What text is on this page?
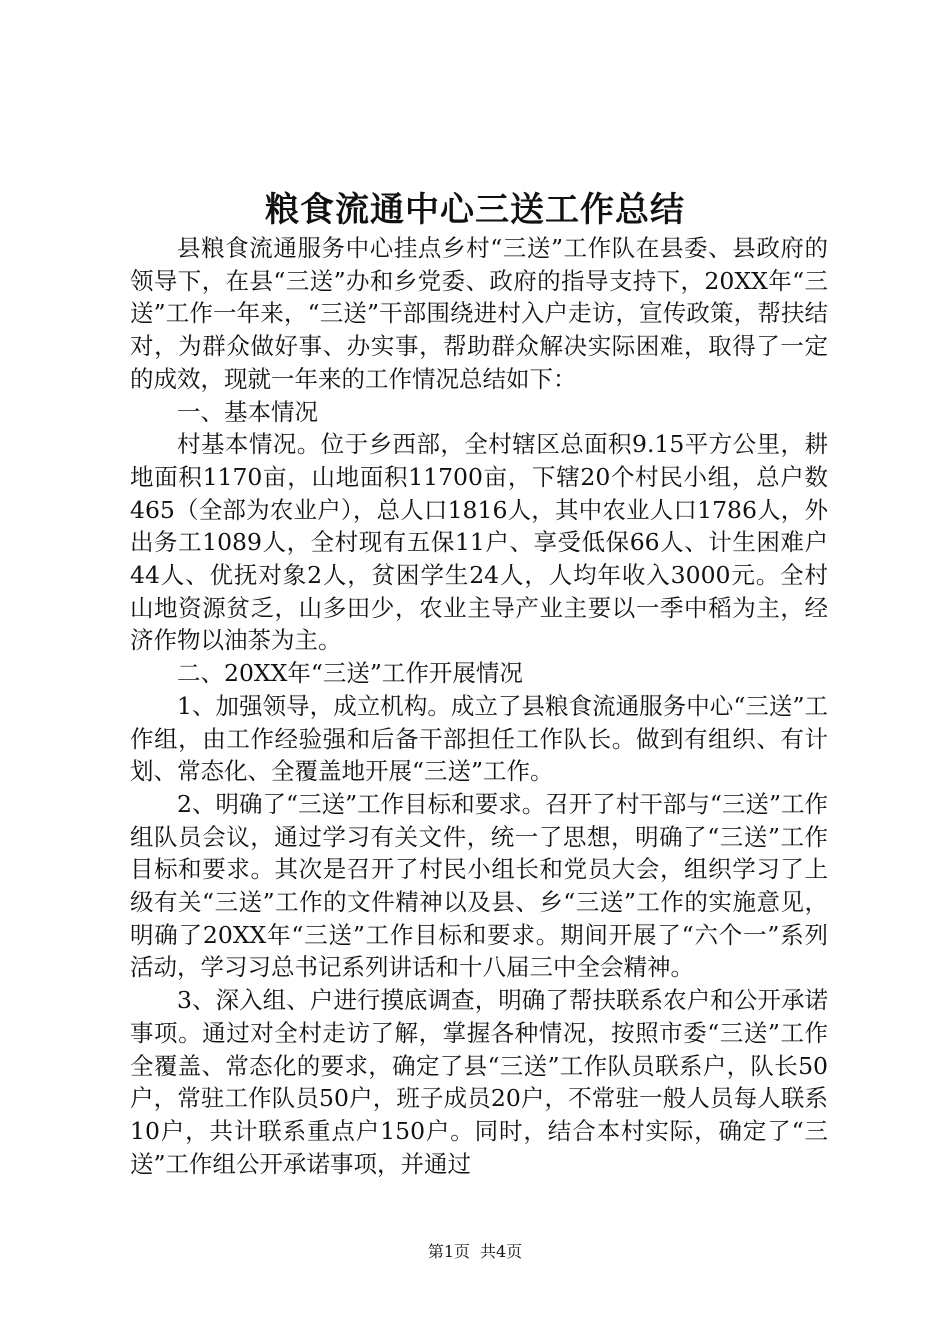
粮食流通中心三送工作总结

县粮食流通服务中心挂点乡村“三送”工作队在县委、县政府的领导下，在县“三送”办和乡党委、政府的指导支持下，20XX年“三送”工作一年来，“三送”干部围绕进村入户走访，宣传政策，帮扶结对，为群众做好事、办实事，帮助群众解决实际困难，取得了一定的成效，现就一年来的工作情况总结如下：

一、基本情况

村基本情况。位于乡西部，全村辖区总面积9.15平方公里，耕地面积1170亩，山地面积11700亩，下辖20个村民小组，总户数465（全部为农业户），总人口1816人，其中农业人口1786人，外出务工1089人，全村现有五保11户、享受低保66人、计生困难户44人、优抚对象2人，贫困学生24人，人均年收入3000元。全村山地资源贫乏，山多田少，农业主导产业主要以一季中稻为主，经济作物以油茶为主。

二、20XX年“三送”工作开展情况

1、加强领导，成立机构。成立了县粮食流通服务中心“三送”工作组，由工作经验强和后备干部担任工作队长。做到有组织、有计划、常态化、全覆盖地开展“三送”工作。

2、明确了“三送”工作目标和要求。召开了村干部与“三送”工作组队员会议，通过学习有关文件，统一了思想，明确了“三送”工作目标和要求。其次是召开了村民小组长和党员大会，组织学习了上级有关“三送”工作的文件精神以及县、乡“三送”工作的实施意见，明确了20XX年“三送”工作目标和要求。期间开展了“六个一”系列活动，学习习总书记系列讲话和十八届三中全会精神。

3、深入组、户进行摸底调查，明确了帮扶联系农户和公开承诺事项。通过对全村走访了解，掌握各种情况，按照市委“三送”工作全覆盖、常态化的要求，确定了县“三送”工作队员联系户，队长50户，常驻工作队员50户，班子成员20户，不常驻一般人员每人联系10户，共计联系重点户150户。同时，结合本村实际，确定了“三送”工作组公开承诺事项，并通过

第1页 共4页
